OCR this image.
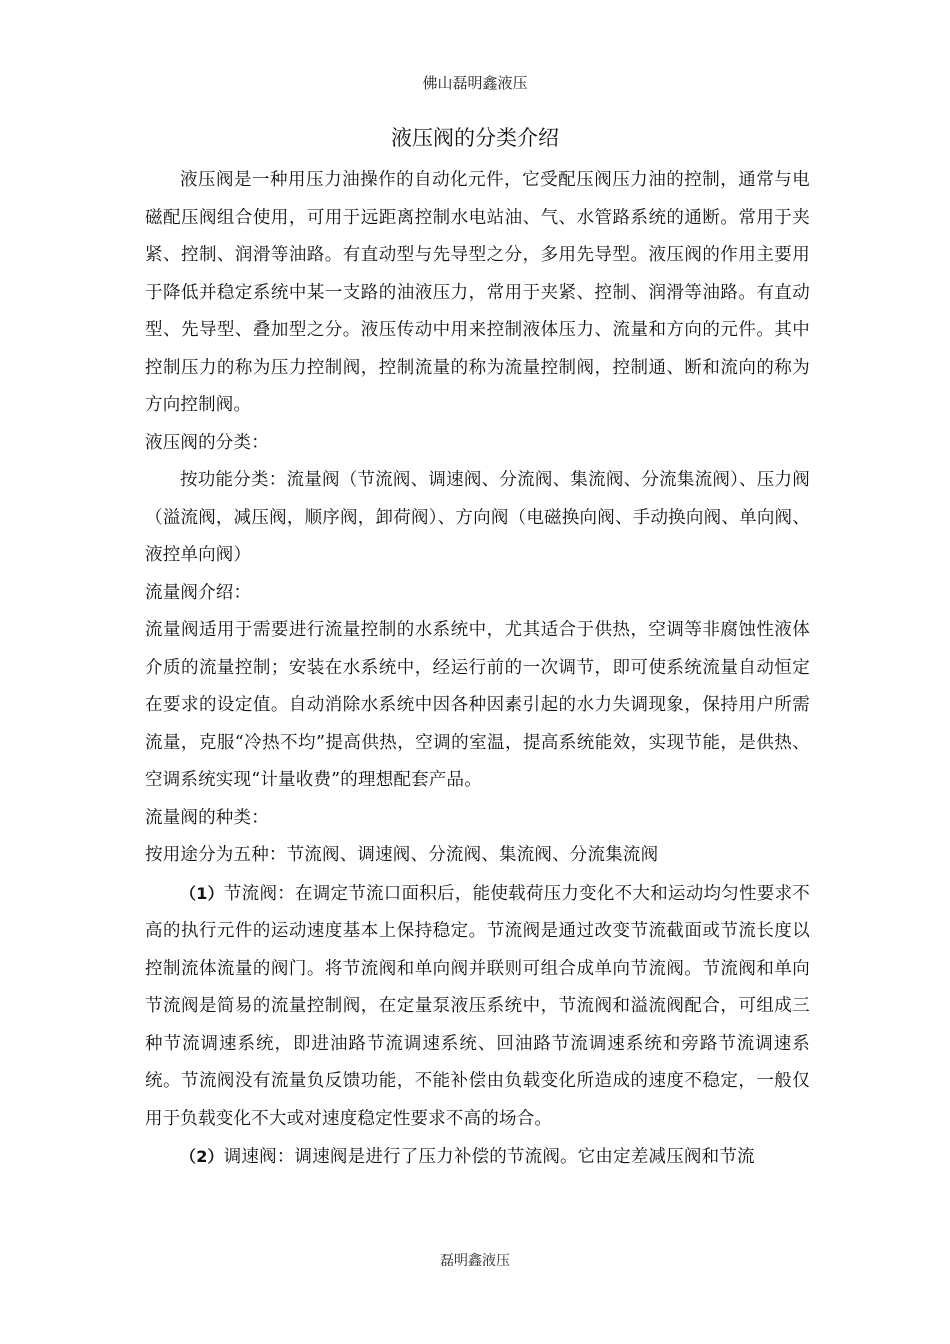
佛山磊明鑫液压
液压阀的分类介绍

液压阀是一种用压力油操作的自动化元件，它受配压阀压力油的控制，通常与电磁配压阀组合使用，可用于远距离控制水电站油、气、水管路系统的通断。常用于夹紧、控制、润滑等油路。有直动型与先导型之分，多用先导型。液压阀的作用主要用于降低并稳定系统中某一支路的油液压力，常用于夹紧、控制、润滑等油路。有直动型、先导型、叠加型之分。液压传动中用来控制液体压力、流量和方向的元件。其中控制压力的称为压力控制阀，控制流量的称为流量控制阀，控制通、断和流向的称为方向控制阀。

液压阀的分类：

按功能分类：流量阀（节流阀、调速阀、分流阀、集流阀、分流集流阀）、压力阀（溢流阀，减压阀，顺序阀，卸荷阀）、方向阀（电磁换向阀、手动换向阀、单向阀、液控单向阀）

流量阀介绍：

流量阀适用于需要进行流量控制的水系统中，尤其适合于供热，空调等非腐蚀性液体介质的流量控制；安装在水系统中，经运行前的一次调节，即可使系统流量自动恒定在要求的设定值。自动消除水系统中因各种因素引起的水力失调现象，保持用户所需流量，克服“冷热不均”提高供热，空调的室温，提高系统能效，实现节能，是供热、空调系统实现“计量收费”的理想配套产品。

流量阀的种类：

按用途分为五种：节流阀、调速阀、分流阀、集流阀、分流集流阀

（1）节流阀：在调定节流口面积后，能使载荷压力变化不大和运动均匀性要求不高的执行元件的运动速度基本上保持稳定。节流阀是通过改变节流截面或节流长度以控制流体流量的阀门。将节流阀和单向阀并联则可组合成单向节流阀。节流阀和单向节流阀是简易的流量控制阀，在定量泵液压系统中，节流阀和溢流阀配合，可组成三种节流调速系统，即进油路节流调速系统、回油路节流调速系统和旁路节流调速系统。节流阀没有流量负反馈功能，不能补偿由负载变化所造成的速度不稳定，一般仅用于负载变化不大或对速度稳定性要求不高的场合。

（2）调速阀：调速阀是进行了压力补偿的节流阀。它由定差减压阀和节流

磊明鑫液压
